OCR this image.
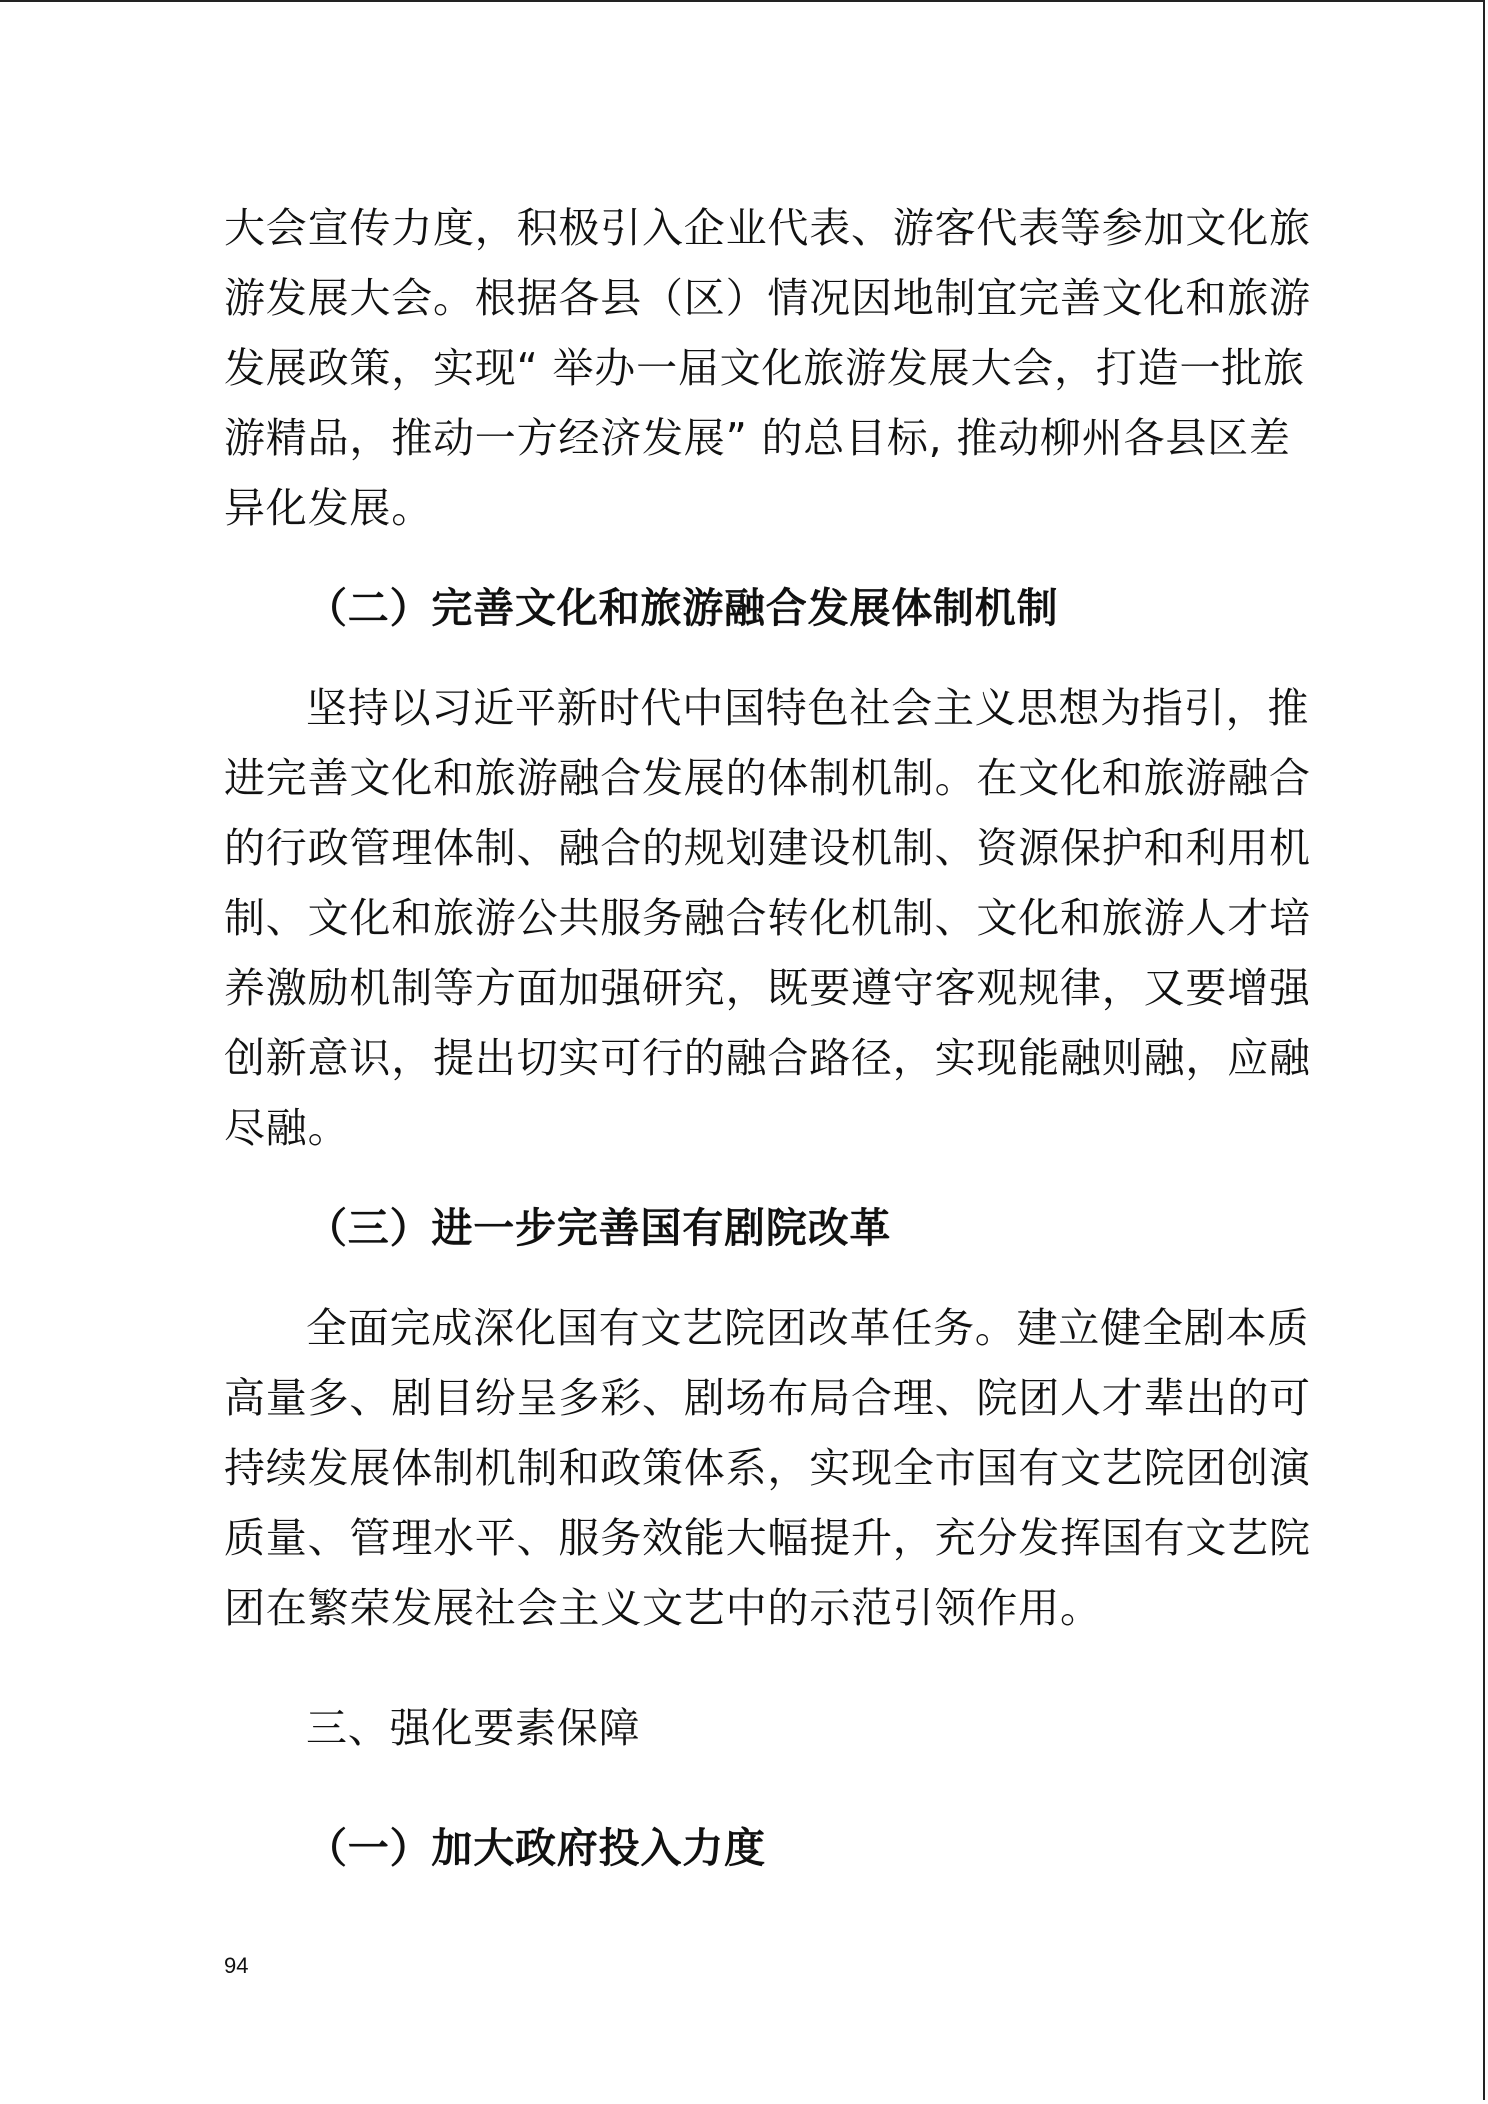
大会宣传力度，积极引入企业代表、游客代表等参加文化旅
游发展大会。根据各县（区）情况因地制宜完善文化和旅游
发展政策，实现“ 举办一届文化旅游发展大会，打造一批旅
游精品，推动一方经济发展” 的总目标, 推动柳州各县区差
异化发展。
（二）完善文化和旅游融合发展体制机制
坚持以习近平新时代中国特色社会主义思想为指引，推
进完善文化和旅游融合发展的体制机制。在文化和旅游融合
的行政管理体制、融合的规划建设机制、资源保护和利用机
制、文化和旅游公共服务融合转化机制、文化和旅游人才培
养激励机制等方面加强研究，既要遵守客观规律，又要增强
创新意识，提出切实可行的融合路径，实现能融则融，应融
尽融。
（三）进一步完善国有剧院改革
全面完成深化国有文艺院团改革任务。建立健全剧本质
高量多、剧目纷呈多彩、剧场布局合理、院团人才辈出的可
持续发展体制机制和政策体系，实现全市国有文艺院团创演
质量、管理水平、服务效能大幅提升，充分发挥国有文艺院
团在繁荣发展社会主义文艺中的示范引领作用。
三、强化要素保障
（一）加大政府投入力度
94
